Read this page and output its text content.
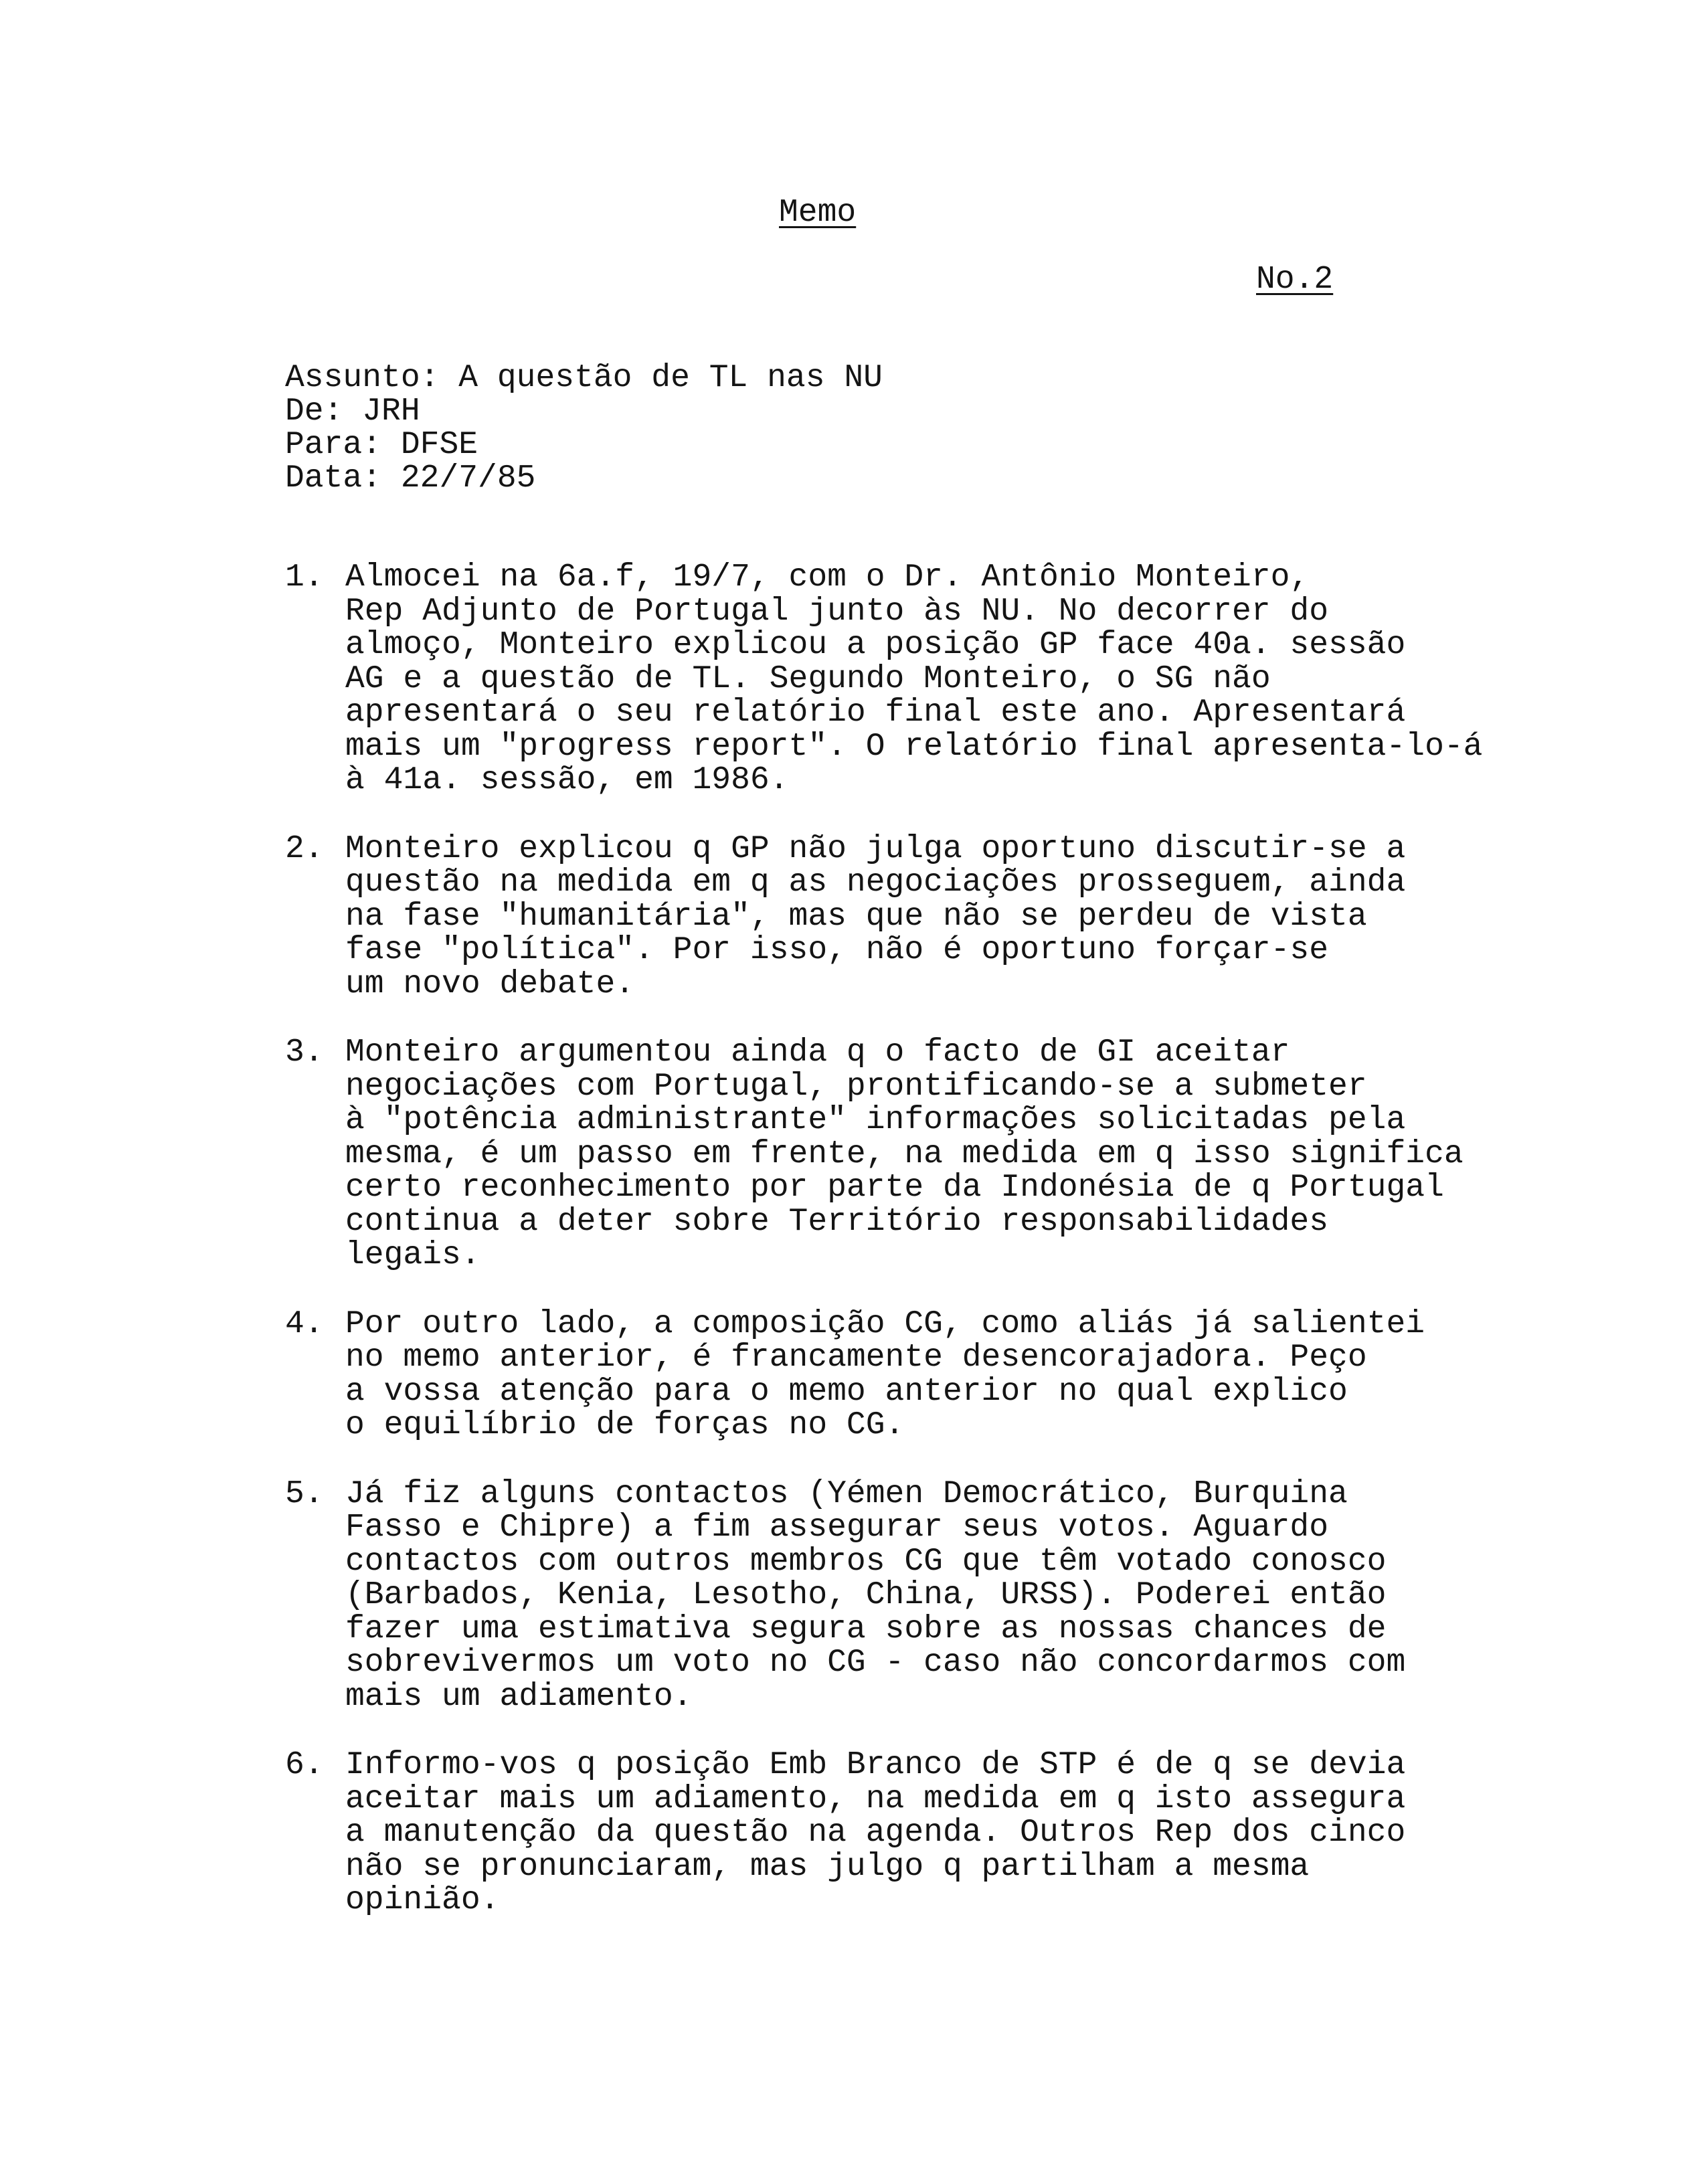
Memo
No.2
Assunto: A questão de TL nas NU
De: JRH
Para: DFSE
Data: 22/7/85
1. Almocei na 6a.f, 19/7, com o Dr. Antônio Monteiro,
Rep Adjunto de Portugal junto às NU. No decorrer do
almoço, Monteiro explicou a posição GP face 40a. sessão
AG e a questão de TL. Segundo Monteiro, o SG não
apresentará o seu relatório final este ano. Apresentará
mais um "progress report". O relatório final apresenta-lo-á
à 41a. sessão, em 1986.
2. Monteiro explicou q GP não julga oportuno discutir-se a
questão na medida em q as negociações prosseguem, ainda
na fase "humanitária", mas que não se perdeu de vista
fase "política". Por isso, não é oportuno forçar-se
um novo debate.
3. Monteiro argumentou ainda q o facto de GI aceitar
negociações com Portugal, prontificando-se a submeter
à "potência administrante" informações solicitadas pela
mesma, é um passo em frente, na medida em q isso significa
certo reconhecimento por parte da Indonésia de q Portugal
continua a deter sobre Território responsabilidades
legais.
4. Por outro lado, a composição CG, como aliás já salientei
no memo anterior, é francamente desencorajadora. Peço
a vossa atenção para o memo anterior no qual explico
o equilíbrio de forças no CG.
5. Já fiz alguns contactos (Yémen Democrático, Burquina
Fasso e Chipre) a fim assegurar seus votos. Aguardo
contactos com outros membros CG que têm votado conosco
(Barbados, Kenia, Lesotho, China, URSS). Poderei então
fazer uma estimativa segura sobre as nossas chances de
sobrevivermos um voto no CG - caso não concordarmos com
mais um adiamento.
6. Informo-vos q posição Emb Branco de STP é de q se devia
aceitar mais um adiamento, na medida em q isto assegura
a manutenção da questão na agenda. Outros Rep dos cinco
não se pronunciaram, mas julgo q partilham a mesma
opinião.
